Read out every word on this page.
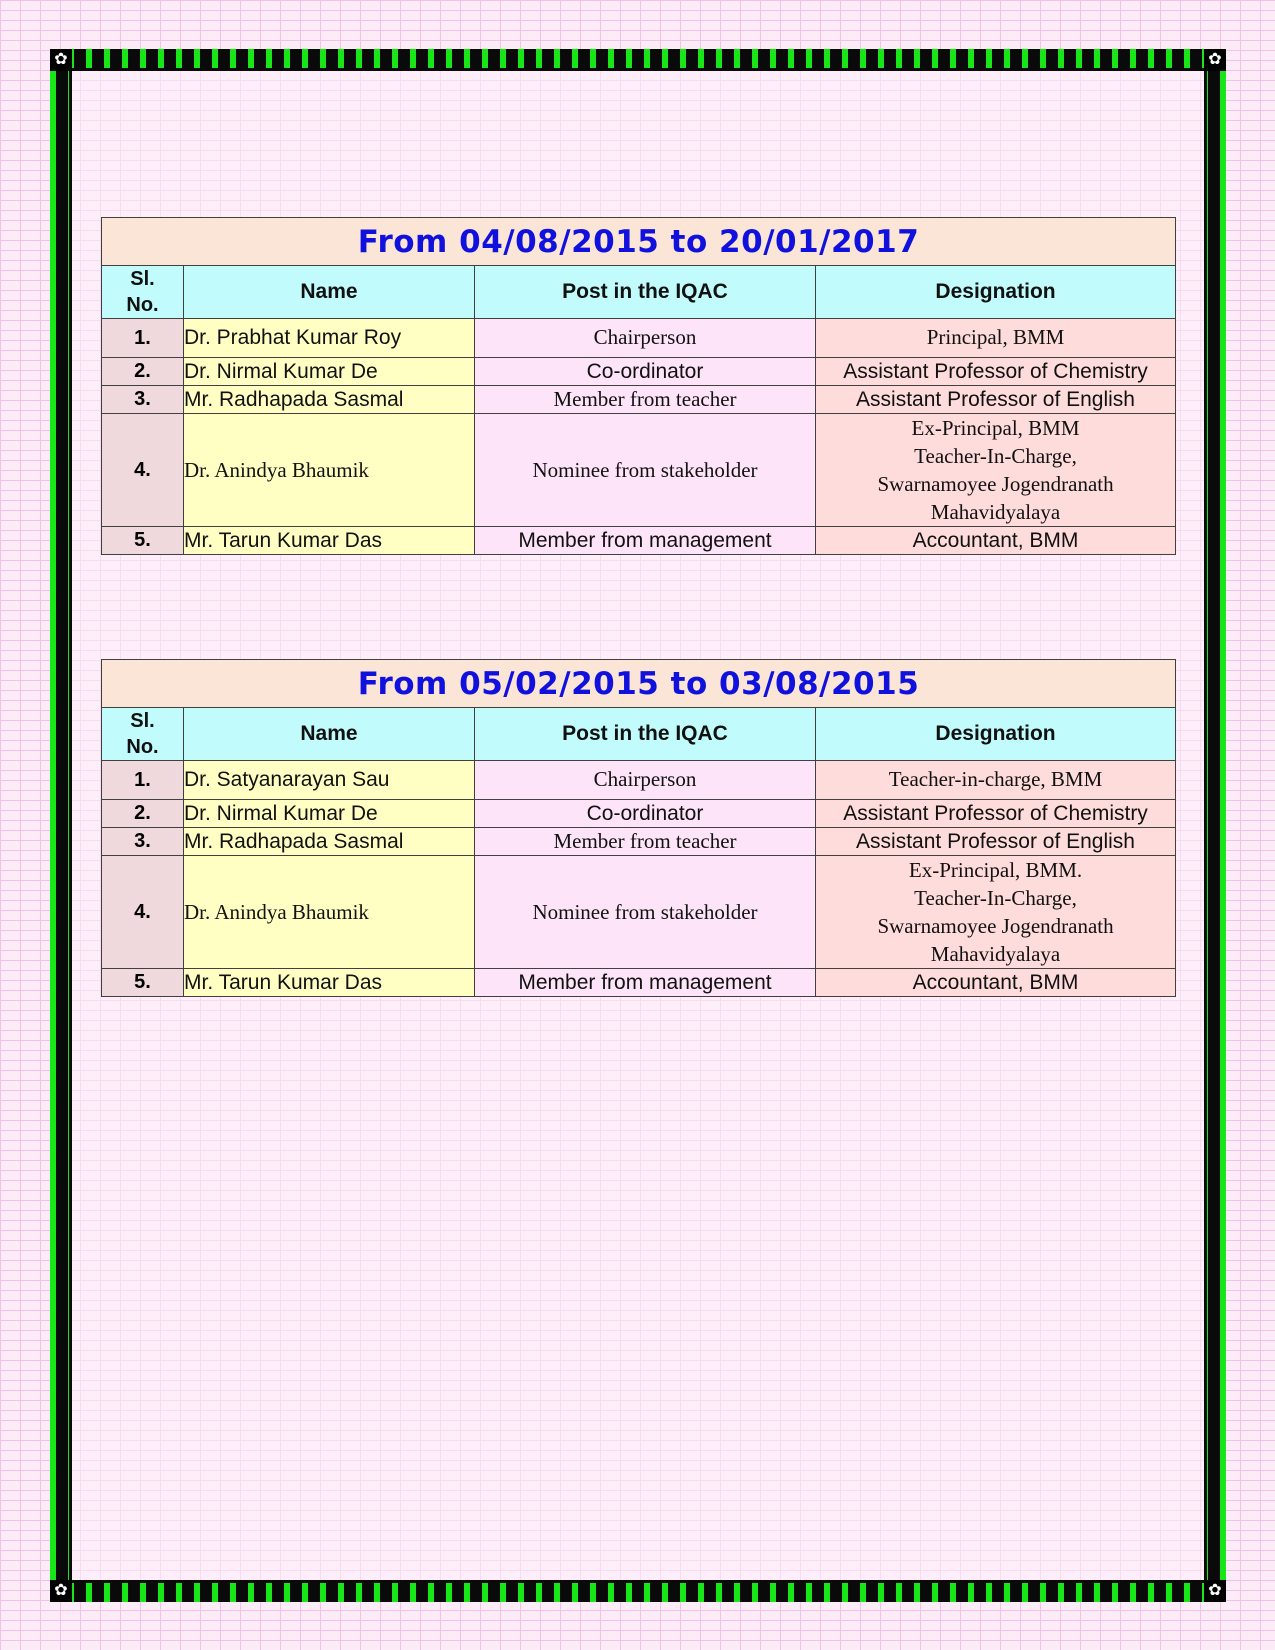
✿	✿
✿	✿
From 04/08/2015 to 20/01/2017			

Sl.
No.	Name	Post in the IQAC	Designation
1.	Dr. Prabhat Kumar Roy	Chairperson	Principal, BMM

2.	Dr. Nirmal Kumar De	Co-ordinator	Assistant Professor of Chemistry

3.	Mr. Radhapada Sasmal	Member from teacher	Assistant Professor of English

4.	Dr. Anindya Bhaumik	Nominee from stakeholder	Ex-Principal, BMM
Teacher-In-Charge,
Swarnamoyee Jogendranath
Mahavidyalaya

5.	Mr. Tarun Kumar Das	Member from management	Accountant, BMM
From 05/02/2015 to 03/08/2015			

Sl.
No.	Name	Post in the IQAC	Designation
1.	Dr. Satyanarayan Sau	Chairperson	Teacher-in-charge, BMM

2.	Dr. Nirmal Kumar De	Co-ordinator	Assistant Professor of Chemistry

3.	Mr. Radhapada Sasmal	Member from teacher	Assistant Professor of English

4.	Dr. Anindya Bhaumik	Nominee from stakeholder	Ex-Principal, BMM.
Teacher-In-Charge,
Swarnamoyee Jogendranath
Mahavidyalaya

5.	Mr. Tarun Kumar Das	Member from management	Accountant, BMM
